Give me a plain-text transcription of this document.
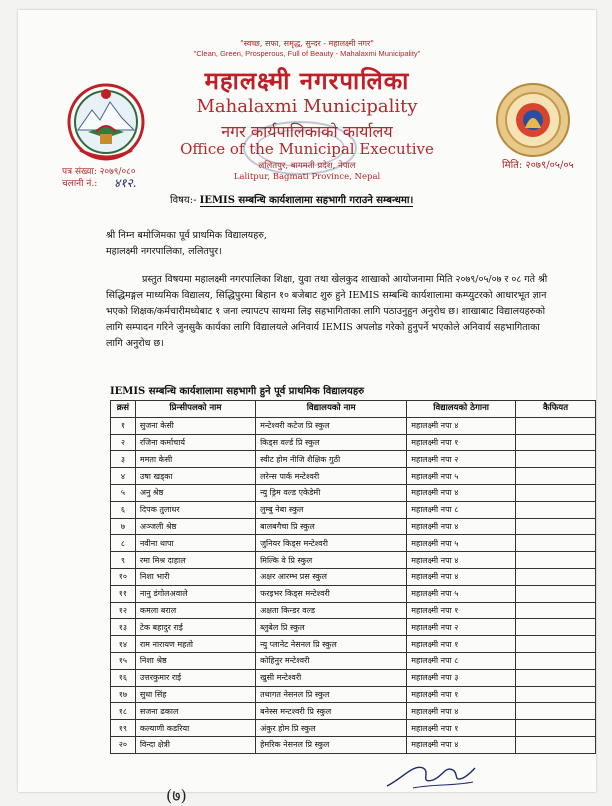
"स्वच्छ, सफा, समृद्ध, सुन्दर - महालक्ष्मी नगर"
"Clean, Green, Prosperous, Full of Beauty - Mahalaxmi Municipality"
महालक्ष्मी नगरपालिका
Mahalaxmi Municipality
नगर कार्यपालिकाको कार्यालय
Office of the Municipal Executive
ललितपुर, बागमती प्रदेश, नेपाल
Lalitpur, Bagmati Province, Nepal
पत्र संख्या: २०७९/०८०
चलानी नं.: ४१२.
मिति: २०७९/०५/०५
विषय:- IEMIS सम्बन्धि कार्यशालामा सहभागी गराउने सम्बन्धमा।
श्री निम्न बमोजिमका पूर्व प्राथमिक विद्यालयहरु,
महालक्ष्मी नगरपालिका, ललितपुर।
प्रस्तुत विषयमा महालक्ष्मी नगरपालिका शिक्षा, युवा तथा खेलकुद शाखाको आयोजनामा मिति २०७९/०५/०७ र ०८ गते श्री सिद्धिमङ्गल माध्यमिक विद्यालय, सिद्धिपुरमा बिहान १० बजेबाट शुरु हुने IEMIS सम्बन्धि कार्यशालामा कम्प्युटरको आधारभूत ज्ञान भएको शिक्षक/कर्मचारीमध्येबाट १ जना ल्यापटप साथमा लिइ सहभागिताका लागि पठाउनुहुन अनुरोध छ। शाखाबाट विद्यालयहरुको लागि सम्पादन गरिने जुनसुकै कार्यका लागि विद्यालयले अनिवार्य IEMIS अपलोड गरेको हुनुपर्ने भएकोले अनिवार्य सहभागिताका लागि अनुरोध छ।
IEMIS सम्बन्धि कार्यशालामा सहभागी हुने पूर्व प्राथमिक विद्यालयहरु
क्रसं	प्रिन्सीपलको नाम	विद्यालयको नाम	विद्यालयको ठेगाना	कैफियत
१	सुजना केसी	मन्टेश्वरी कटेज प्रि स्कुल	महालक्ष्मी नपा ४	
२	रजिना कर्माचार्य	किड्स वर्ल्ड प्रि स्कुल	महालक्ष्मी नपा १	
३	ममता केसी	स्वीट होम नीजि शैक्षिक गुठी	महालक्ष्मी नपा २	
४	उषा खड्का	लरेन्स पार्क मन्टेश्वरी	महालक्ष्मी नपा ५	
५	अनु श्रेष्ठ	न्यु ड्रिम वल्ड एकेडेमी	महालक्ष्मी नपा ४	
६	दिपक तुलाधर	लुम्बु नेबा स्कुल	महालक्ष्मी नपा ८	
७	अञ्जली श्रेष्ठ	बालबगैचा प्रि स्कुल	महालक्ष्मी नपा ४	
८	नवीना थापा	जुनियर किड्स मन्टेश्वरी	महालक्ष्मी नपा ५	
९	रमा मिश्र दाहाल	मिल्कि वे प्रि स्कुल	महालक्ष्मी नपा ४	
१०	निशा भारी	अक्षर आरम्भ प्रस स्कुल	महालक्ष्मी नपा ४	
११	नानु डंगोलअवाले	फरइभर किड्स मन्टेश्वरी	महालक्ष्मी नपा ५	
१२	कमला बराल	अक्षता किन्डर वल्ड	महालक्ष्मी नपा १	
१३	टेक बहादुर राई	ब्लुबेल प्रि स्कुल	महालक्ष्मी नपा २	
१४	राम नारायण महतो	न्यु प्लानेट नेसनल प्रि स्कुल	महालक्ष्मी नपा १	
१५	निशा श्रेष्ठ	कोहिनुर मन्टेश्वरी	महालक्ष्मी नपा ८	
१६	उत्तरकुमार राई	खुसी मन्टेश्वरी	महालक्ष्मी नपा ३	
१७	सुधा सिंह	तथागत नेसनल प्रि स्कुल	महालक्ष्मी नपा १	
१८	सजना ढकाल	बनेस्स मन्टश्वरी प्रि स्कुल	महालक्ष्मी नपा ४	
१९	कल्याणी कडरिया	अंकुर होम प्रि स्कुल	महालक्ष्मी नपा १	
२०	विन्दा क्षेत्री	हेमरिक नेसनल प्रि स्कुल	महालक्ष्मी नपा ४	
(७)
